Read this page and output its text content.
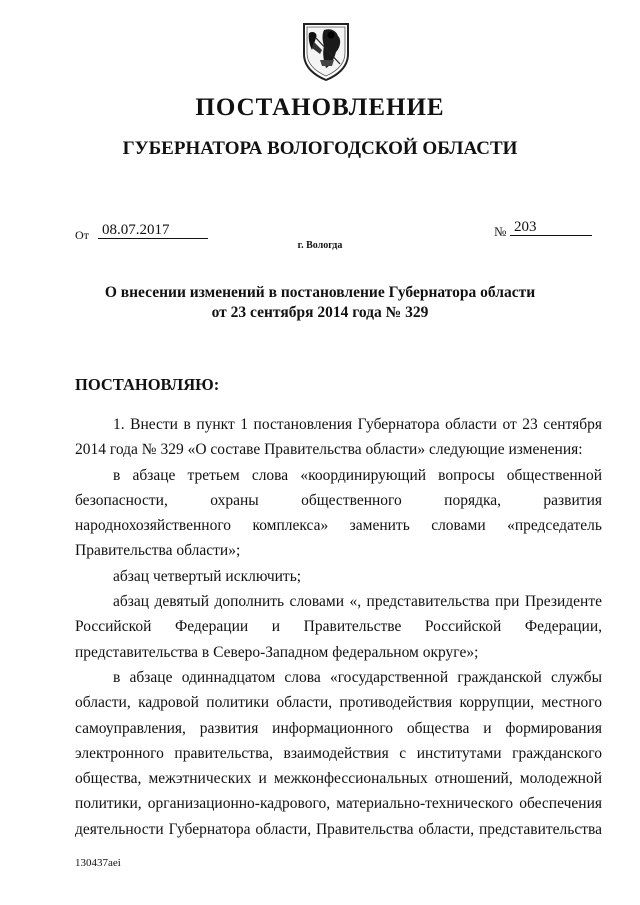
ПОСТАНОВЛЕНИЕ
ГУБЕРНАТОРА ВОЛОГОДСКОЙ ОБЛАСТИ
От 08.07.2017	№ 203
г. Вологда
О внесении изменений в постановление Губернатора области
от 23 сентября 2014 года № 329
ПОСТАНОВЛЯЮ:

1. Внести в пункт 1 постановления Губернатора области от 23 сентября 2014 года № 329 «О составе Правительства области» следующие изменения:

в абзаце третьем слова «координирующий вопросы общественной безопасности, охраны общественного порядка, развития народнохозяйственного комплекса» заменить словами «председатель Правительства области»;

абзац четвертый исключить;

абзац девятый дополнить словами «, представительства при Президенте Российской Федерации и Правительстве Российской Федерации, представительства в Северо-Западном федеральном округе»;

в абзаце одиннадцатом слова «государственной гражданской службы области, кадровой политики области, противодействия коррупции, местного самоуправления, развития информационного общества и формирования электронного правительства, взаимодействия с институтами гражданского общества, межэтнических и межконфессиональных отношений, молодежной политики, организационно-кадрового, материально-технического обеспечения деятельности Губернатора области, Правительства области, представительства

130437aei
